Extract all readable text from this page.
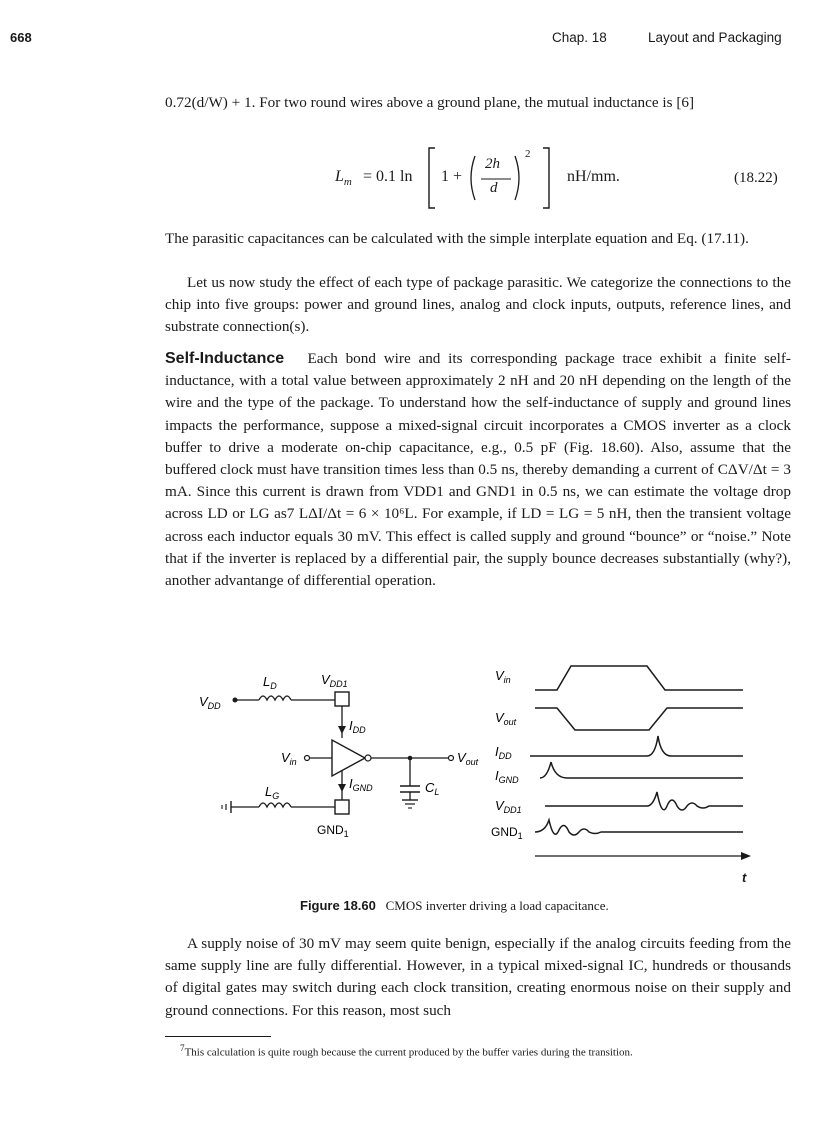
668	Chap. 18	Layout and Packaging

0.72(d/W) + 1. For two round wires above a ground plane, the mutual inductance is [6]

$L_m = 0.1$ ln 1 +
2h
d
2
nH/mm.	(18.22)

The parasitic capacitances can be calculated with the simple interplate equation and Eq. (17.11).

Let us now study the effect of each type of package parasitic. We categorize the connections to the chip into five groups: power and ground lines, analog and clock inputs, outputs, reference lines, and substrate connection(s).

Self-Inductance Each bond wire and its corresponding package trace exhibit a finite self-inductance, with a total value between approximately 2 nH and 20 nH depending on the length of the wire and the type of the package. To understand how the self-inductance of supply and ground lines impacts the performance, suppose a mixed-signal circuit incorporates a CMOS inverter as a clock buffer to drive a moderate on-chip capacitance, e.g., 0.5 pF (Fig. 18.60). Also, assume that the buffered clock must have transition times less than 0.5 ns, thereby demanding a current of CΔV/Δt = 3 mA. Since this current is drawn from VDD1 and GND1 in 0.5 ns, we can estimate the voltage drop across LD or LG as7 LΔI/Δt = 6 × 10⁶L. For example, if LD = LG = 5 nH, then the transient voltage across each inductor equals 30 mV. This effect is called supply and ground “bounce” or “noise.” Note that if the inverter is replaced by a differential pair, the supply bounce decreases substantially (why?), another advantange of differential operation.

$L_D$	$V_{DD1}$
$V_{DD}$
$I_{DD}$
$V_{in}$	$V_{out}$
$L_G$
$I_{GND}$	$C_L$
$GND_1$
$V_{in}$
$V_{out}$
$I_{DD}$
$I_{GND}$
$V_{DD1}$
$GND_1$
t
Figure 18.60 CMOS inverter driving a load capacitance.

A supply noise of 30 mV may seem quite benign, especially if the analog circuits feeding from the same supply line are fully differential. However, in a typical mixed-signal IC, hundreds or thousands of digital gates may switch during each clock transition, creating enormous noise on their supply and ground connections. For this reason, most such

$^7$This calculation is quite rough because the current produced by the buffer varies during the transition.
